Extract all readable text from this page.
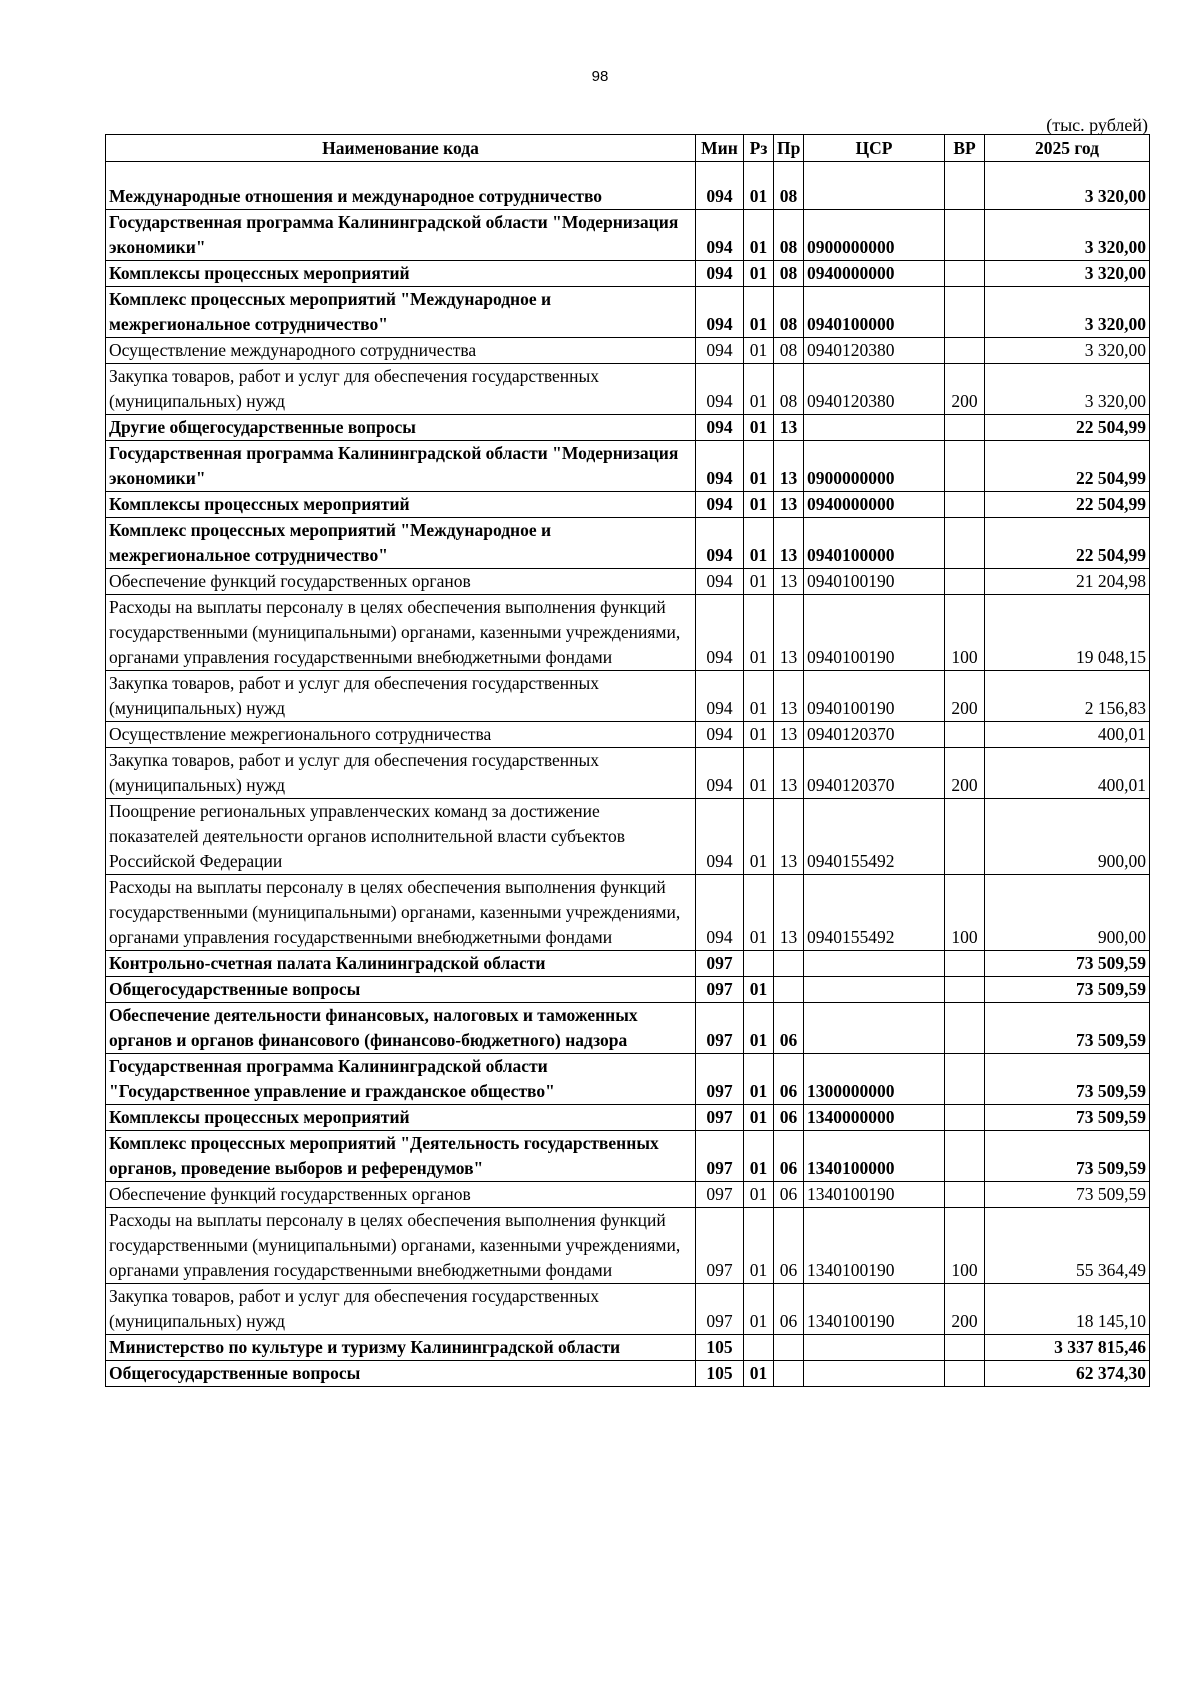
98
(тыс. рублей)
Наименование кода	Мин	Рз	Пр	ЦСР	ВР	2025 год
Международные отношения и международное сотрудничество	094	01	08			3 320,00
Государственная программа Калининградской области "Модернизация экономики"	094	01	08	0900000000		3 320,00
Комплексы процессных мероприятий	094	01	08	0940000000		3 320,00
Комплекс процессных мероприятий "Международное и межрегиональное сотрудничество"	094	01	08	0940100000		3 320,00
Осуществление международного сотрудничества	094	01	08	0940120380		3 320,00
Закупка товаров, работ и услуг для обеспечения государственных (муниципальных) нужд	094	01	08	0940120380	200	3 320,00
Другие общегосударственные вопросы	094	01	13			22 504,99
Государственная программа Калининградской области "Модернизация экономики"	094	01	13	0900000000		22 504,99
Комплексы процессных мероприятий	094	01	13	0940000000		22 504,99
Комплекс процессных мероприятий "Международное и межрегиональное сотрудничество"	094	01	13	0940100000		22 504,99
Обеспечение функций государственных органов	094	01	13	0940100190		21 204,98
Расходы на выплаты персоналу в целях обеспечения выполнения функций государственными (муниципальными) органами, казенными учреждениями, органами управления государственными внебюджетными фондами	094	01	13	0940100190	100	19 048,15
Закупка товаров, работ и услуг для обеспечения государственных (муниципальных) нужд	094	01	13	0940100190	200	2 156,83
Осуществление межрегионального сотрудничества	094	01	13	0940120370		400,01
Закупка товаров, работ и услуг для обеспечения государственных (муниципальных) нужд	094	01	13	0940120370	200	400,01
Поощрение региональных управленческих команд за достижение показателей деятельности органов исполнительной власти субъектов Российской Федерации	094	01	13	0940155492		900,00
Расходы на выплаты персоналу в целях обеспечения выполнения функций государственными (муниципальными) органами, казенными учреждениями, органами управления государственными внебюджетными фондами	094	01	13	0940155492	100	900,00
Контрольно-счетная палата Калининградской области	097					73 509,59
Общегосударственные вопросы	097	01				73 509,59
Обеспечение деятельности финансовых, налоговых и таможенных органов и органов финансового (финансово-бюджетного) надзора	097	01	06			73 509,59
Государственная программа Калининградской области "Государственное управление и гражданское общество"	097	01	06	1300000000		73 509,59
Комплексы процессных мероприятий	097	01	06	1340000000		73 509,59
Комплекс процессных мероприятий "Деятельность государственных органов, проведение выборов и референдумов"	097	01	06	1340100000		73 509,59
Обеспечение функций государственных органов	097	01	06	1340100190		73 509,59
Расходы на выплаты персоналу в целях обеспечения выполнения функций государственными (муниципальными) органами, казенными учреждениями, органами управления государственными внебюджетными фондами	097	01	06	1340100190	100	55 364,49
Закупка товаров, работ и услуг для обеспечения государственных (муниципальных) нужд	097	01	06	1340100190	200	18 145,10
Министерство по культуре и туризму Калининградской области	105					3 337 815,46
Общегосударственные вопросы	105	01				62 374,30
